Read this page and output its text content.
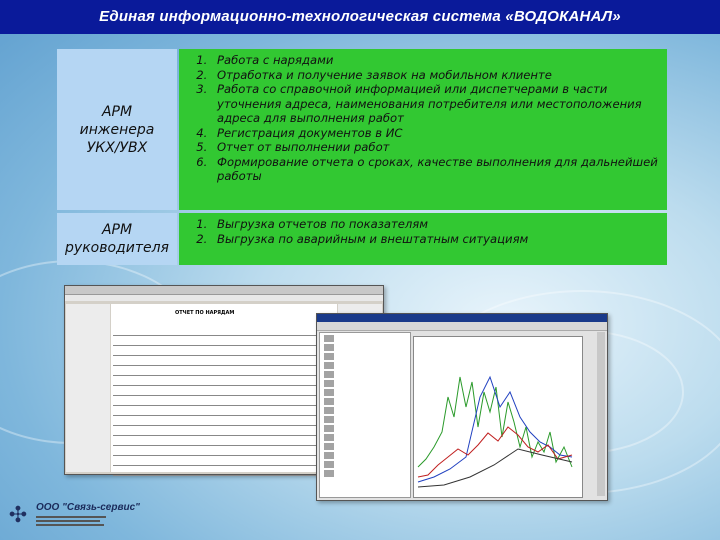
Единая информационно-технологическая система «ВОДОКАНАЛ»
АРМ
инженера
УКХ/УВХ
1. Работа с нарядами
2. Отработка и получение заявок на мобильном клиенте
3. Работа со справочной информацией или диспетчерами в части уточнения адреса, наименования потребителя или местоположения адреса для выполнения работ
4. Регистрация документов в ИС
5. Отчет от выполнении работ
6. Формирование отчета о сроках, качестве выполнения для дальнейшей работы
АРМ
руководителя
1. Выгрузка отчетов по показателям
2. Выгрузка по аварийным и внештатным ситуациям
ОТЧЕТ ПО НАРЯДАМ
✣ ООО "Связь-сервис"
